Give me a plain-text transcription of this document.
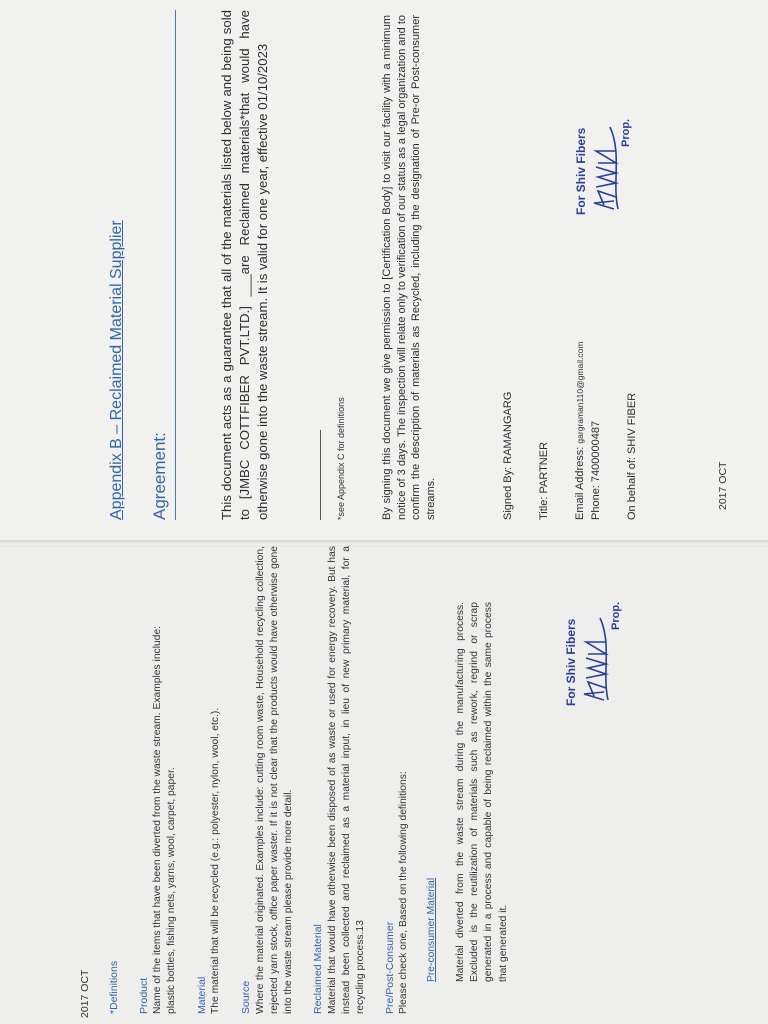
Appendix B – Reclaimed Material Supplier Agreement:	This document acts as a guarantee that all of the materials listed below and being sold to [JMBC COTTFIBER PVT.LTD.] ___are Reclaimed materials*that would have otherwise gone into the waste stream. It is valid for one year, effective 01/10/2023	*see Appendix C for definitions	By signing this document we give permission to [Certification Body] to visit our facility with a minimum notice of 3 days. The inspection will relate only to verification of our status as a legal organization and to confirm the description of materials as Recycled, including the designation of Pre-or Post-consumer streams.	Signed By: RAMANGARG Title: PARTNER Email Address: gargraman110@gmail.com
Phone: 7400000487 On behalf of: SHIV FIBER
For Shiv Fibers	Prop.
For Shiv Fibers
Prop.
2017 OCT
2017 OCT *Definitions Product Name of the items that have been diverted from the waste stream. Examples include: plastic bottles, fishing nets, yarns, wool, carpet, paper. Material The material that will be recycled (e.g.: polyester, nylon, wool, etc.). Source Where the material originated. Examples include: cutting room waste, Household recycling collection, rejected yarn stock, office paper waster. If it is not clear that the products would have otherwise gone into the waste stream please provide more detail. Reclaimed Material Material that would have otherwise been disposed of as waste or used for energy recovery. But has instead been collected and reclaimed as a material input, in lieu of new primary material, for a recycling process.13 Pre/Post-Consumer Please check one, Based on the following definitions: Pre-consumer Material Material diverted from the waste stream during the manufacturing process. Excluded is the reutilization of materials such as rework, regrind or scrap generated in a process and capable of being reclaimed within the same process that generated it.
